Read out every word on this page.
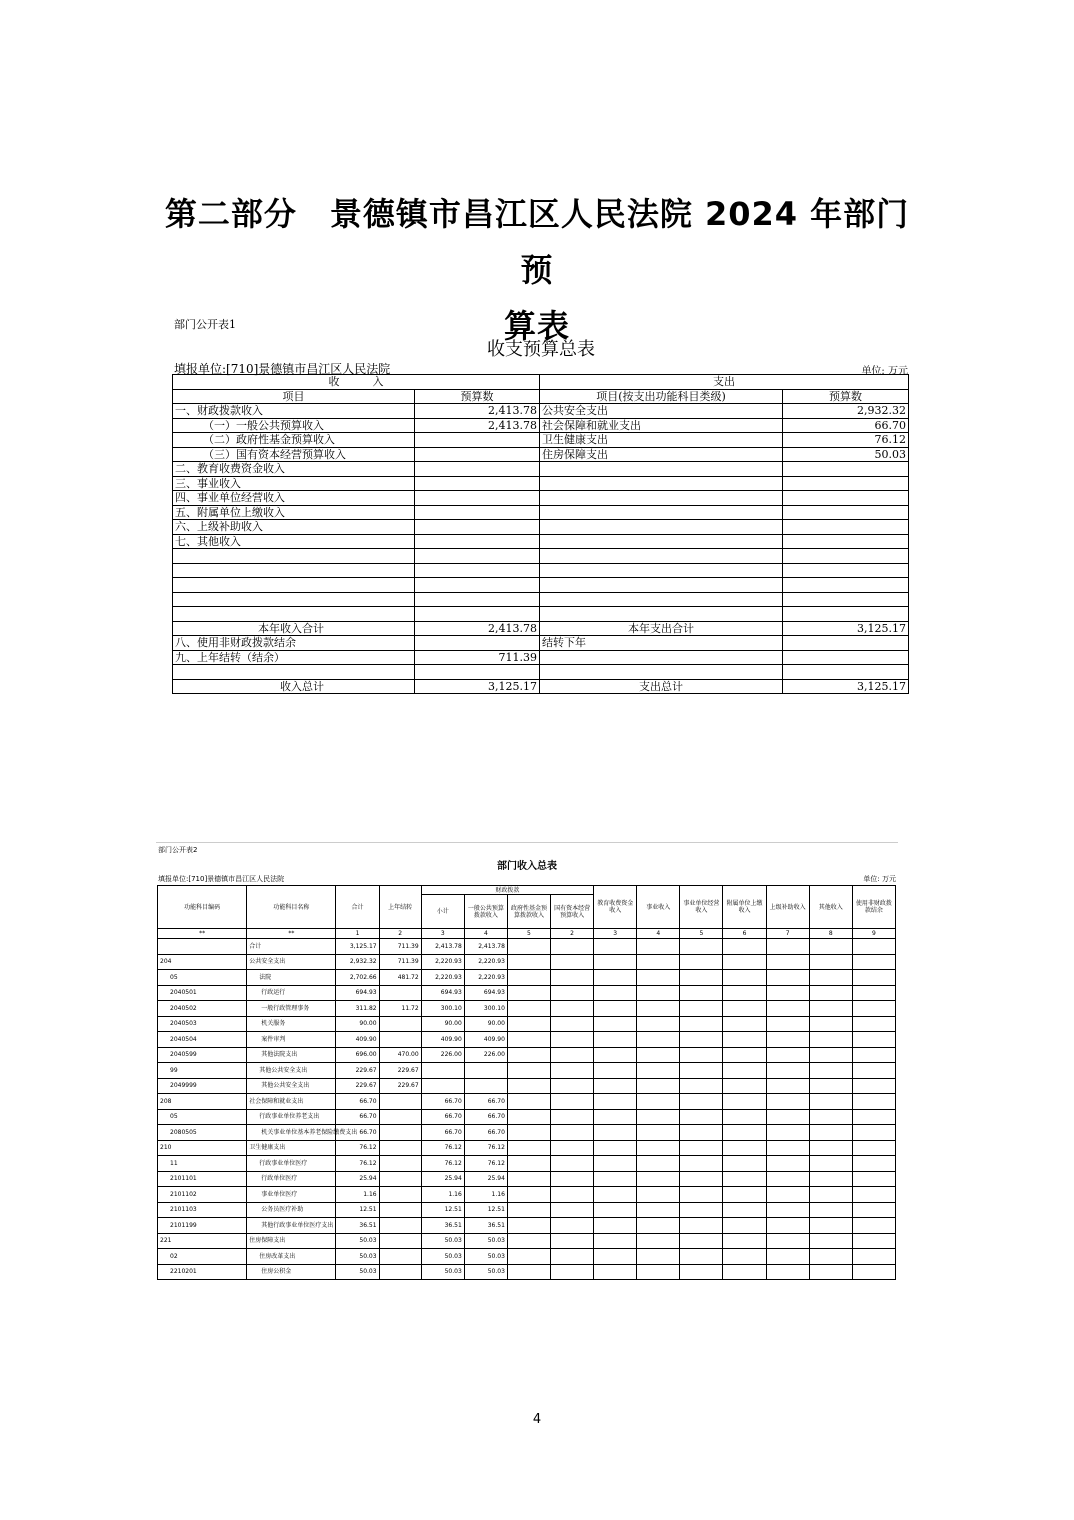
第二部分　景德镇市昌江区人民法院 2024 年部门预
算表
部门公开表1
收支预算总表
填报单位:[710]景德镇市昌江区人民法院	单位: 万元
收　　　入		支出	
项目	预算数	项目(按支出功能科目类级)	预算数
一、财政拨款收入	2,413.78	公共安全支出	2,932.32
（一）一般公共预算收入	2,413.78	社会保障和就业支出	66.70
（二）政府性基金预算收入		卫生健康支出	76.12
（三）国有资本经营预算收入		住房保障支出	50.03
二、教育收费资金收入			
三、事业收入			
四、事业单位经营收入			
五、附属单位上缴收入			
六、上级补助收入			
七、其他收入			

本年收入合计	2,413.78	本年支出合计	3,125.17
八、使用非财政拨款结余		结转下年	
九、上年结转（结余）	711.39		

收入总计	3,125.17	支出总计	3,125.17
部门公开表2
部门收入总表
填报单位:[710]景德镇市昌江区人民法院	单位: 万元
功能科目编码	功能科目名称	合计	上年结转	财政拨款				教育收费资金收入	事业收入	事业单位经营收入	附属单位上缴收入	上级补助收入	其他收入	使用非财政拨款结余
				小计	一般公共预算拨款收入	政府性基金预算拨款收入	国有资本经营预算收入							
**	**	1	2	3	4	5	2	3	4	5	6	7	8	9
	合计	3,125.17	711.39	2,413.78	2,413.78									
204	公共安全支出	2,932.32	711.39	2,220.93	2,220.93									
05	法院	2,702.66	481.72	2,220.93	2,220.93									
2040501	行政运行	694.93		694.93	694.93									
2040502	一般行政管理事务	311.82	11.72	300.10	300.10									
2040503	机关服务	90.00		90.00	90.00									
2040504	案件审判	409.90		409.90	409.90									
2040599	其他法院支出	696.00	470.00	226.00	226.00									
99	其他公共安全支出	229.67	229.67											
2049999	其他公共安全支出	229.67	229.67											
208	社会保障和就业支出	66.70		66.70	66.70									
05	行政事业单位养老支出	66.70		66.70	66.70									
2080505	机关事业单位基本养老保险缴费支出	66.70		66.70	66.70									
210	卫生健康支出	76.12		76.12	76.12									
11	行政事业单位医疗	76.12		76.12	76.12									
2101101	行政单位医疗	25.94		25.94	25.94									
2101102	事业单位医疗	1.16		1.16	1.16									
2101103	公务员医疗补助	12.51		12.51	12.51									
2101199	其他行政事业单位医疗支出	36.51		36.51	36.51									
221	住房保障支出	50.03		50.03	50.03									
02	住房改革支出	50.03		50.03	50.03									
2210201	住房公积金	50.03		50.03	50.03									
4
